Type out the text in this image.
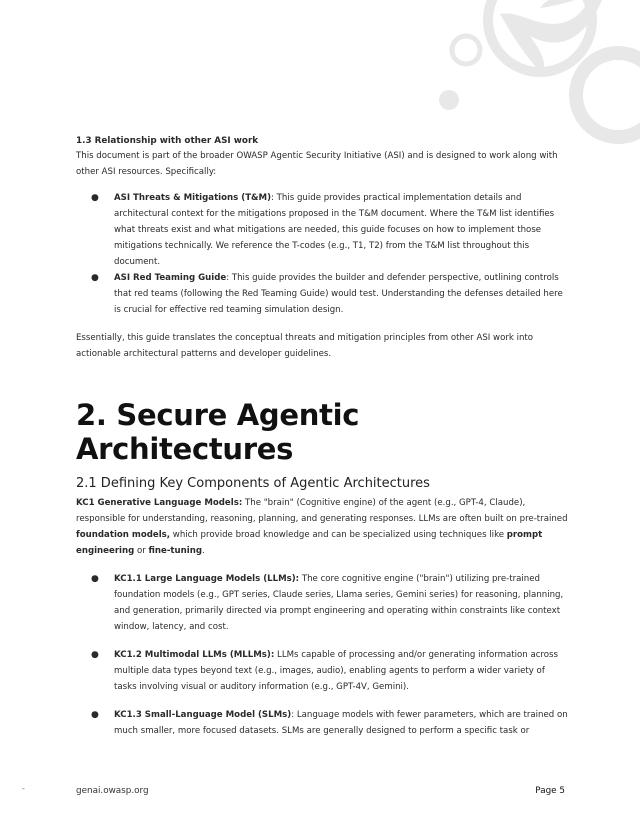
1.3 Relationship with other ASI work

This document is part of the broader OWASP Agentic Security Initiative (ASI) and is designed to work along with other ASI resources. Specifically:

● ASI Threats & Mitigations (T&M): This guide provides practical implementation details and architectural context for the mitigations proposed in the T&M document. Where the T&M list identifies what threats exist and what mitigations are needed, this guide focuses on how to implement those mitigations technically. We reference the T-codes (e.g., T1, T2) from the T&M list throughout this document.
● ASI Red Teaming Guide: This guide provides the builder and defender perspective, outlining controls that red teams (following the Red Teaming Guide) would test. Understanding the defenses detailed here is crucial for effective red teaming simulation design.

Essentially, this guide translates the conceptual threats and mitigation principles from other ASI work into actionable architectural patterns and developer guidelines.

2. Secure Agentic
Architectures
2.1 Defining Key Components of Agentic Architectures

KC1 Generative Language Models: The "brain" (Cognitive engine) of the agent (e.g., GPT-4, Claude), responsible for understanding, reasoning, planning, and generating responses. LLMs are often built on pre-trained foundation models, which provide broad knowledge and can be specialized using techniques like prompt engineering or fine-tuning.

● KC1.1 Large Language Models (LLMs): The core cognitive engine ("brain") utilizing pre-trained foundation models (e.g., GPT series, Claude series, Llama series, Gemini series) for reasoning, planning, and generation, primarily directed via prompt engineering and operating within constraints like context window, latency, and cost.
● KC1.2 Multimodal LLMs (MLLMs): LLMs capable of processing and/or generating information across multiple data types beyond text (e.g., images, audio), enabling agents to perform a wider variety of tasks involving visual or auditory information (e.g., GPT-4V, Gemini).
● KC1.3 Small-Language Model (SLMs): Language models with fewer parameters, which are trained on much smaller, more focused datasets. SLMs are generally designed to perform a specific task or
-	genai.owasp.org	Page 5
